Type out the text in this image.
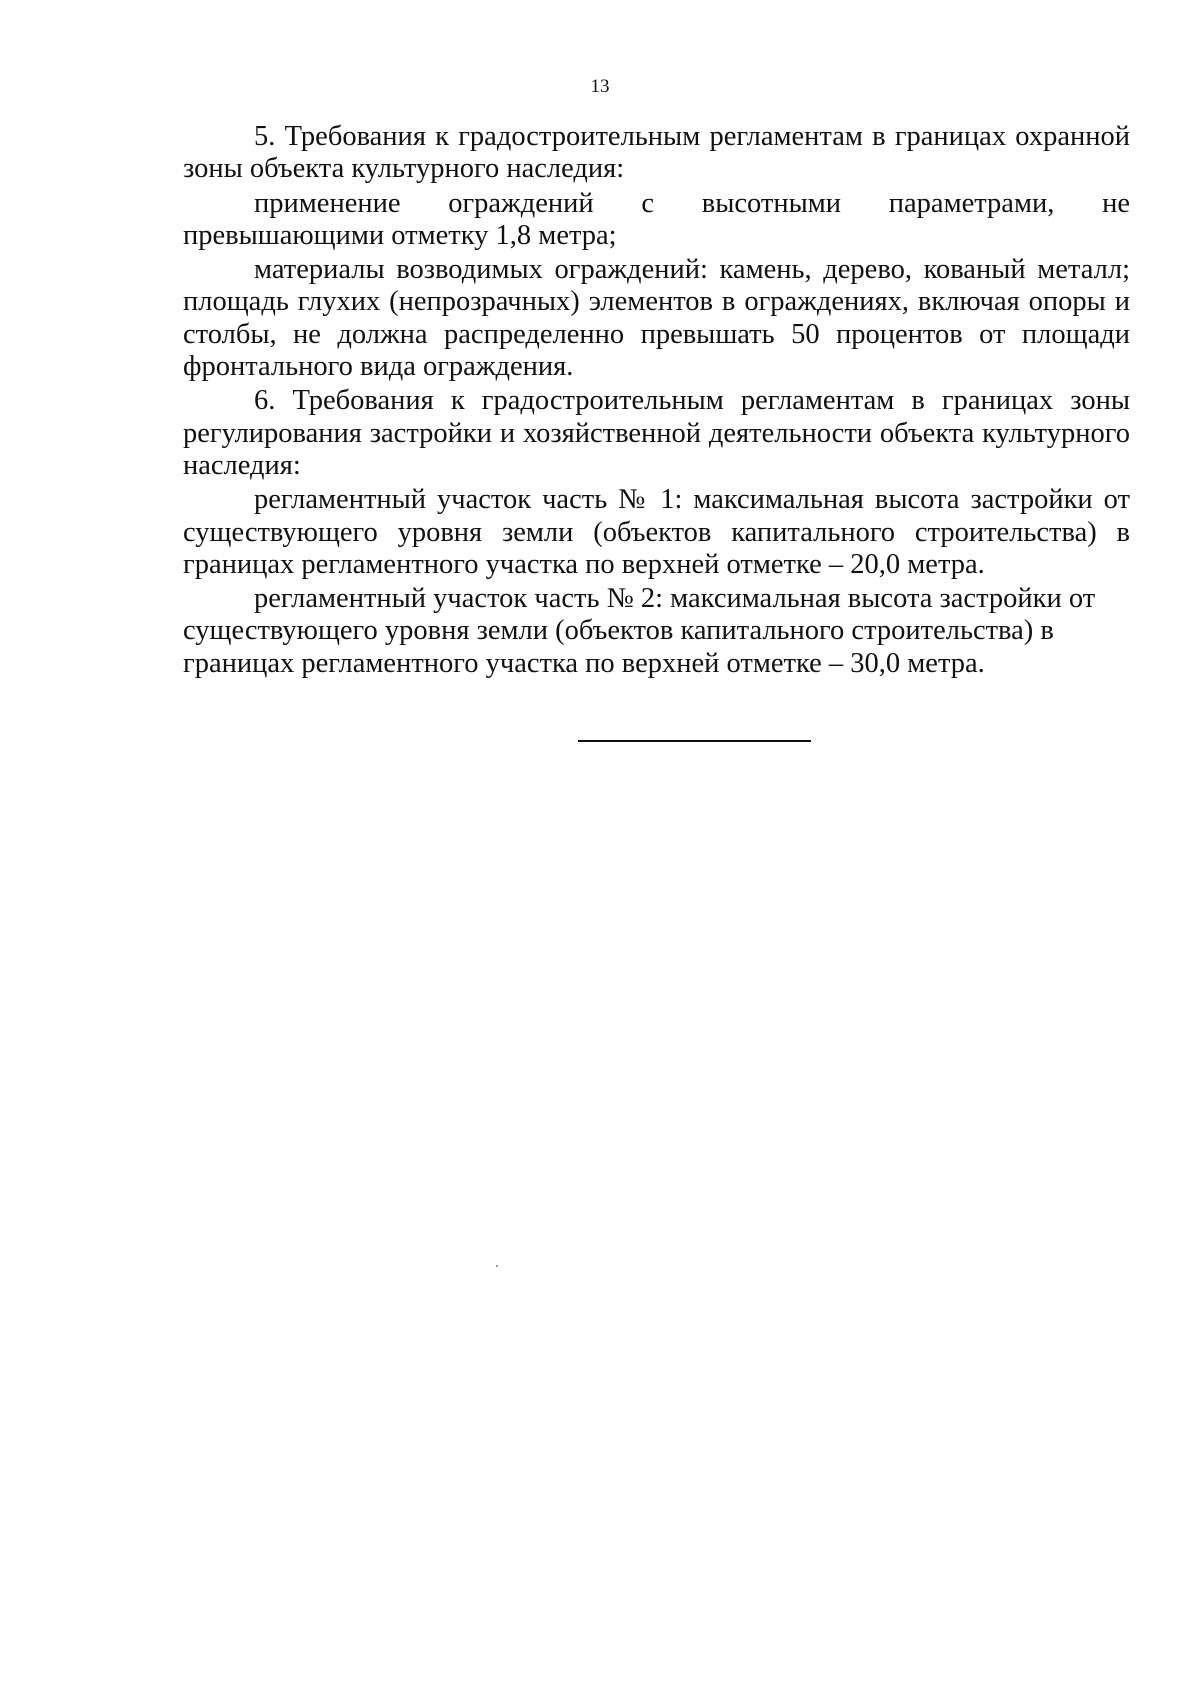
13

5. Требования к градостроительным регламентам в границах охранной зоны объекта культурного наследия:

применение ограждений с высотными параметрами, не превышающими отметку 1,8 метра;

материалы возводимых ограждений: камень, дерево, кованый металл; площадь глухих (непрозрачных) элементов в ограждениях, включая опоры и столбы, не должна распределенно превышать 50 процентов от площади фронтального вида ограждения.

6. Требования к градостроительным регламентам в границах зоны регулирования застройки и хозяйственной деятельности объекта культурного наследия:

регламентный участок часть № 1: максимальная высота застройки от существующего уровня земли (объектов капитального строительства) в границах регламентного участка по верхней отметке – 20,0 метра.

регламентный участок часть № 2: максимальная высота застройки от существующего уровня земли (объектов капитального строительства) в границах регламентного участка по верхней отметке – 30,0 метра.
